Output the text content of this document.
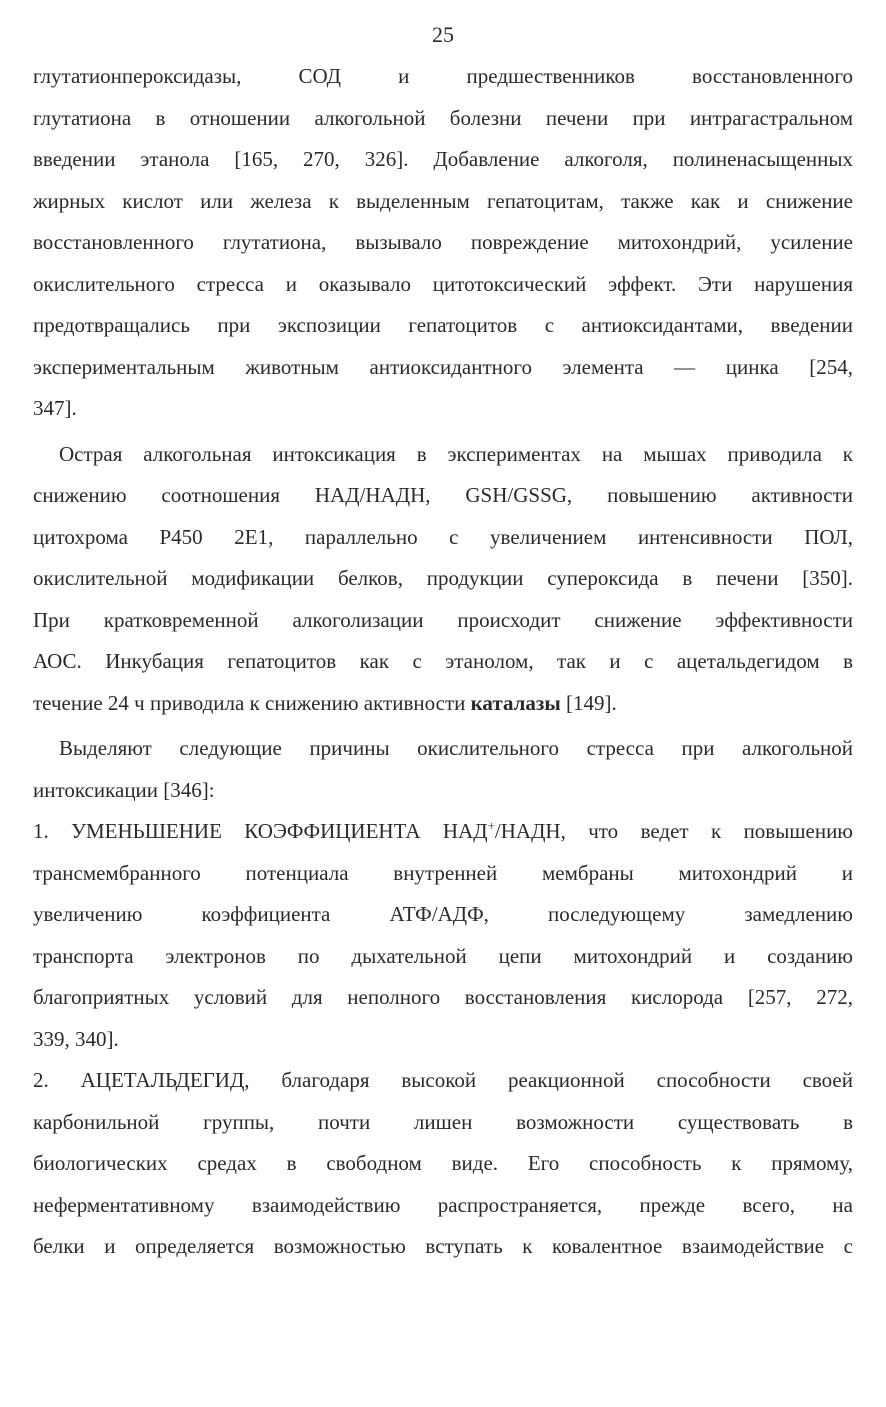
25
глутатионпероксидазы, СОД и предшественников восстановленного
глутатиона в отношении алкогольной болезни печени при интрагастральном
введении этанола [165, 270, 326]. Добавление алкоголя, полиненасыщенных
жирных кислот или железа к выделенным гепатоцитам, также как и снижение
восстановленного глутатиона, вызывало повреждение митохондрий, усиление
окислительного стресса и оказывало цитотоксический эффект. Эти нарушения
предотвращались при экспозиции гепатоцитов с антиоксидантами, введении
экспериментальным животным антиоксидантного элемента — цинка [254,
347].
Острая алкогольная интоксикация в экспериментах на мышах приводила к
снижению соотношения НАД/НАДН, GSH/GSSG, повышению активности
цитохрома Р450 2Е1, параллельно с увеличением интенсивности ПОЛ,
окислительной модификации белков, продукции супероксида в печени [350].
При кратковременной алкоголизации происходит снижение эффективности
АОС. Инкубация гепатоцитов как с этанолом, так и с ацетальдегидом в
течение 24 ч приводила к снижению активности каталазы [149].
Выделяют следующие причины окислительного стресса при алкогольной
интоксикации [346]:
1. УМЕНЬШЕНИЕ КОЭФФИЦИЕНТА НАД+/НАДН, что ведет к повышению
трансмембранного потенциала внутренней мембраны митохондрий и
увеличению коэффициента АТФ/АДФ, последующему замедлению
транспорта электронов по дыхательной цепи митохондрий и созданию
благоприятных условий для неполного восстановления кислорода [257, 272,
339, 340].
2. АЦЕТАЛЬДЕГИД, благодаря высокой реакционной способности своей
карбонильной группы, почти лишен возможности существовать в
биологических средах в свободном виде. Его способность к прямому,
неферментативному взаимодействию распространяется, прежде всего, на
белки и определяется возможностью вступать к ковалентное взаимодействие с
